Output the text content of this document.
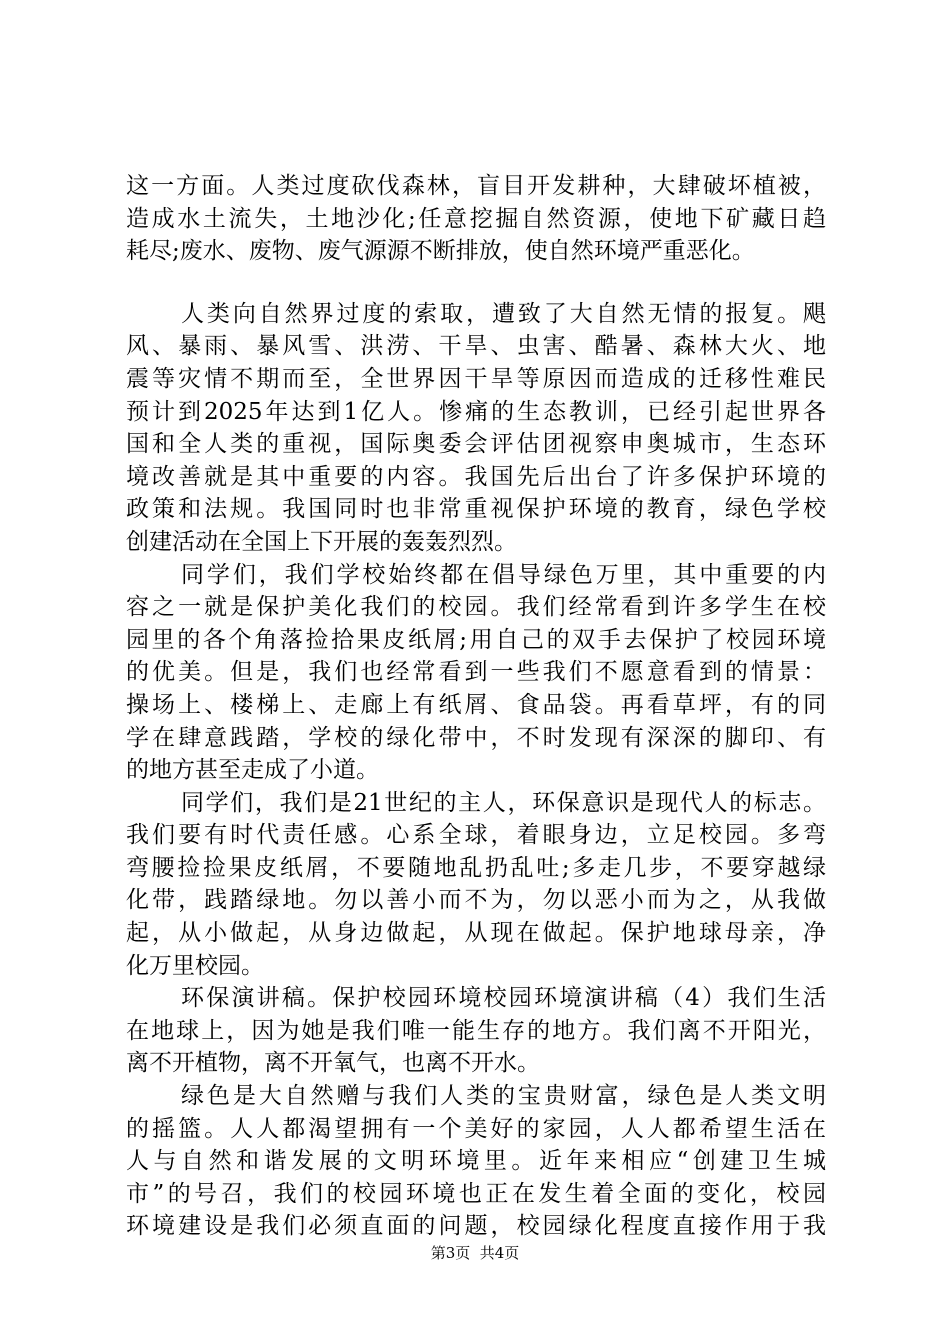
这一方面。人类过度砍伐森林，盲目开发耕种，大肆破坏植被，
造成水土流失，土地沙化;任意挖掘自然资源，使地下矿藏日趋
耗尽;废水、废物、废气源源不断排放，使自然环境严重恶化。
人类向自然界过度的索取，遭致了大自然无情的报复。飓
风、暴雨、暴风雪、洪涝、干旱、虫害、酷暑、森林大火、地
震等灾情不期而至，全世界因干旱等原因而造成的迁移性难民
预计到2025年达到1亿人。惨痛的生态教训，已经引起世界各
国和全人类的重视，国际奥委会评估团视察申奥城市，生态环
境改善就是其中重要的内容。我国先后出台了许多保护环境的
政策和法规。我国同时也非常重视保护环境的教育，绿色学校
创建活动在全国上下开展的轰轰烈烈。
同学们，我们学校始终都在倡导绿色万里，其中重要的内
容之一就是保护美化我们的校园。我们经常看到许多学生在校
园里的各个角落捡拾果皮纸屑;用自己的双手去保护了校园环境
的优美。但是，我们也经常看到一些我们不愿意看到的情景：
操场上、楼梯上、走廊上有纸屑、食品袋。再看草坪，有的同
学在肆意践踏，学校的绿化带中，不时发现有深深的脚印、有
的地方甚至走成了小道。
同学们，我们是21世纪的主人，环保意识是现代人的标志。
我们要有时代责任感。心系全球，着眼身边，立足校园。多弯
弯腰捡捡果皮纸屑，不要随地乱扔乱吐;多走几步，不要穿越绿
化带，践踏绿地。勿以善小而不为，勿以恶小而为之，从我做
起，从小做起，从身边做起，从现在做起。保护地球母亲，净
化万里校园。
环保演讲稿。保护校园环境校园环境演讲稿（4）我们生活
在地球上，因为她是我们唯一能生存的地方。我们离不开阳光，
离不开植物，离不开氧气，也离不开水。
绿色是大自然赠与我们人类的宝贵财富，绿色是人类文明
的摇篮。人人都渴望拥有一个美好的家园，人人都希望生活在
人与自然和谐发展的文明环境里。近年来相应“创建卫生城
市”的号召，我们的校园环境也正在发生着全面的变化，校园
环境建设是我们必须直面的问题，校园绿化程度直接作用于我
第3页  共4页
